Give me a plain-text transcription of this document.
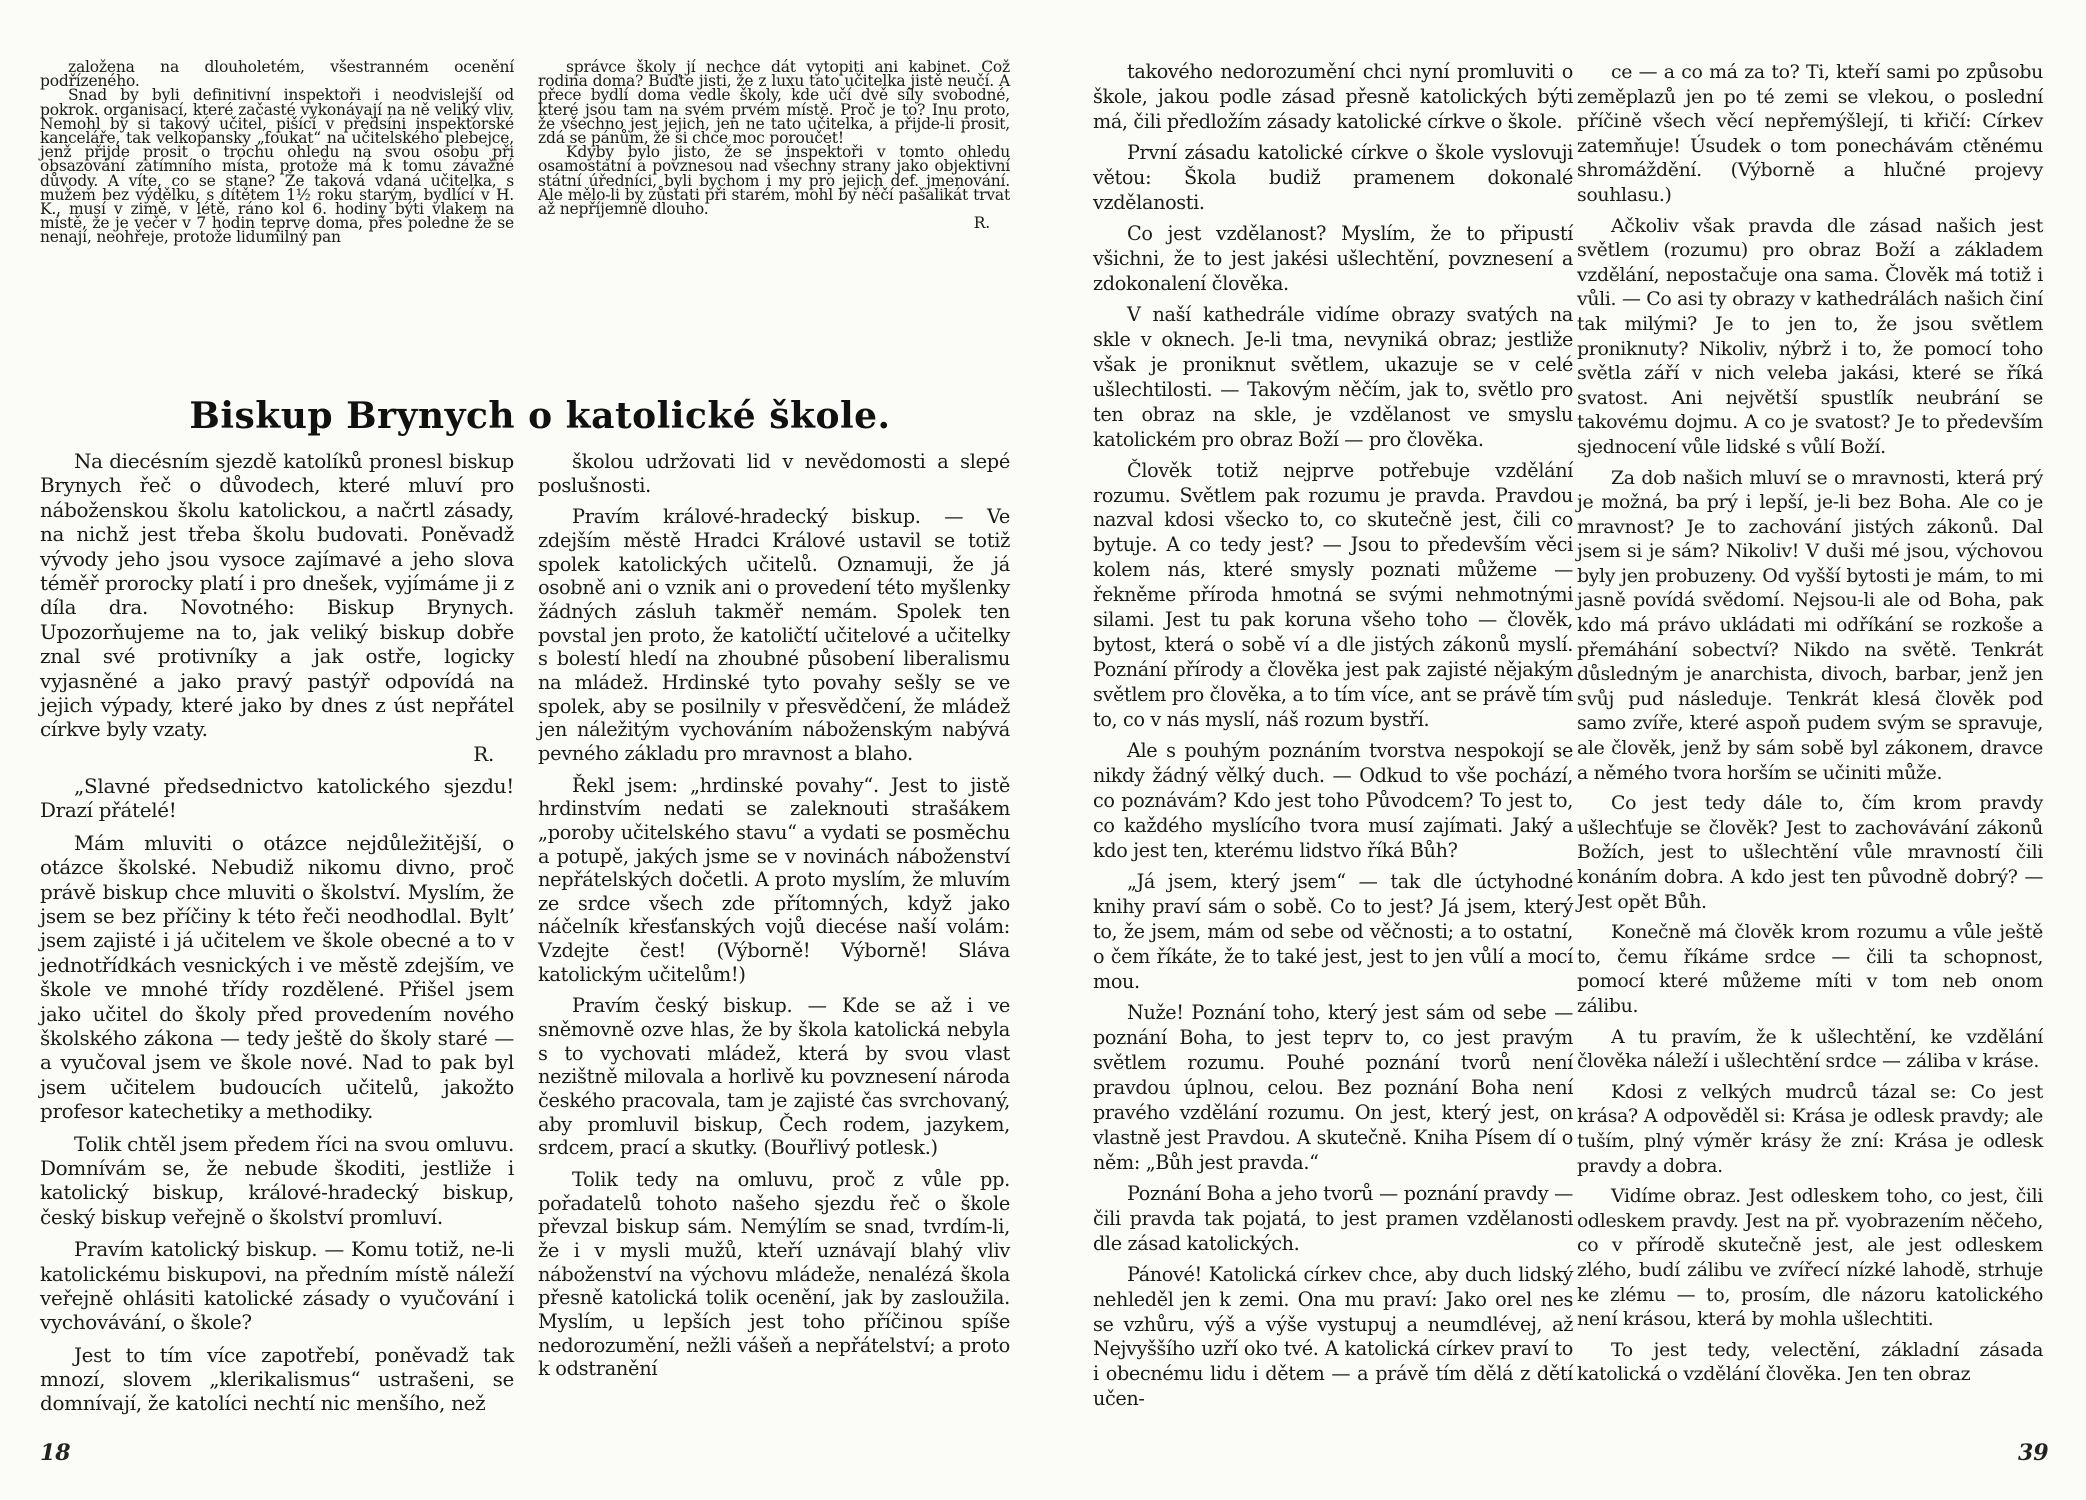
založena na dlouholetém, všestranném ocenění podřízeného.

Snad by byli definitivní inspektoři i neodvislejší od pokrok. organisací, které začasté vykonávají na ně veliký vliv. Nemohl by si takový učitel, pišící v předsíni inspektorské kanceláře, tak velkopansky „foukat“ na učitelského plebejce, jenž přijde prosit o trochu ohledu na svou osobu při obsazování zatímního místa, protože má k tomu závažné důvody. A víte, co se stane? Že taková vdaná učitelka, s mužem bez výdělku, s dítětem 1½ roku starým, bydlící v H. K., musí v zimě, v létě, ráno kol 6. hodiny býti vlakem na místě, že je večer v 7 hodin teprve doma, přes poledne že se nenají, neohřeje, protože lidumilný pan

správce školy jí nechce dát vytopiti ani kabinet. Což rodina doma? Buďte jisti, že z luxu tato učitelka jistě neučí. A přece bydlí doma vedle školy, kde učí dvě síly svobodné, které jsou tam na svém prvém místě. Proč je to? Inu proto, že všechno jest jejich, jen ne tato učitelka, a přijde-li prosit, zdá se pánům, že si chce moc poroučet!

Kdyby bylo jisto, že se inspektoři v tomto ohledu osamostatní a povznesou nad všechny strany jako objektivní státní úředníci, byli bychom i my pro jejich def. jmenování. Ale mělo-li by zůstati při starém, mohl by něčí pašalikát trvat až nepříjemně dlouho.

R.

Biskup Brynych o katolické škole.

Na diecésním sjezdě katolíků pronesl biskup Brynych řeč o důvodech, které mluví pro náboženskou školu katolickou, a načrtl zásady, na nichž jest třeba školu budovati. Poněvadž vývody jeho jsou vysoce zajímavé a jeho slova téměř prorocky platí i pro dnešek, vyjímáme ji z díla dra. Novotného: Biskup Brynych. Upozorňujeme na to, jak veliký biskup dobře znal své protivníky a jak ostře, logicky vyjasněné a jako pravý pastýř odpovídá na jejich výpady, které jako by dnes z úst nepřátel církve byly vzaty.

R.

„Slavné předsednictvo katolického sjezdu! Drazí přátelé!

Mám mluviti o otázce nejdůležitější, o otázce školské. Nebudiž nikomu divno, proč právě biskup chce mluviti o školství. Myslím, že jsem se bez příčiny k této řeči neodhodlal. Byltʼ jsem zajisté i já učitelem ve škole obecné a to v jednotřídkách vesnických i ve městě zdejším, ve škole ve mnohé třídy rozdělené. Přišel jsem jako učitel do školy před provedením nového školského zákona — tedy ještě do školy staré — a vyučoval jsem ve škole nové. Nad to pak byl jsem učitelem budoucích učitelů, jakožto profesor katechetiky a methodiky.

Tolik chtěl jsem předem říci na svou omluvu. Domnívám se, že nebude škoditi, jestliže i katolický biskup, králové-hradecký biskup, český biskup veřejně o školství promluví.

Pravím katolický biskup. — Komu totiž, ne-li katolickému biskupovi, na předním místě náleží veřejně ohlásiti katolické zásady o vyučování i vychovávání, o škole?

Jest to tím více zapotřebí, poněvadž tak mnozí, slovem „klerikalismus“ ustrašeni, se domnívají, že katolíci nechtí nic menšího, než

školou udržovati lid v nevědomosti a slepé poslušnosti.

Pravím králové-hradecký biskup. — Ve zdejším městě Hradci Králové ustavil se totiž spolek katolických učitelů. Oznamuji, že já osobně ani o vznik ani o provedení této myšlenky žádných zásluh takměř nemám. Spolek ten povstal jen proto, že katoličtí učitelové a učitelky s bolestí hledí na zhoubné působení liberalismu na mládež. Hrdinské tyto povahy sešly se ve spolek, aby se posilnily v přesvědčení, že mládež jen náležitým vychováním náboženským nabývá pevného základu pro mravnost a blaho.

Řekl jsem: „hrdinské povahy“. Jest to jistě hrdinstvím nedati se zaleknouti strašákem „poroby učitelského stavu“ a vydati se posměchu a potupě, jakých jsme se v novinách náboženství nepřátelských dočetli. A proto myslím, že mluvím ze srdce všech zde přítomných, když jako náčelník křesťanských vojů diecése naší volám: Vzdejte čest! (Výborně! Výborně! Sláva katolickým učitelům!)

Pravím český biskup. — Kde se až i ve sněmovně ozve hlas, že by škola katolická nebyla s to vychovati mládež, která by svou vlast nezištně milovala a horlivě ku povznesení národa českého pracovala, tam je zajisté čas svrchovaný, aby promluvil biskup, Čech rodem, jazykem, srdcem, prací a skutky. (Bouřlivý potlesk.)

Tolik tedy na omluvu, proč z vůle pp. pořadatelů tohoto našeho sjezdu řeč o škole převzal biskup sám. Nemýlím se snad, tvrdím-li, že i v mysli mužů, kteří uznávají blahý vliv náboženství na výchovu mládeže, nenalézá škola přesně katolická tolik ocenění, jak by zasloužila. Myslím, u lepších jest toho příčinou spíše nedorozumění, nežli vášeň a nepřátelství; a proto k odstranění

18

takového nedorozumění chci nyní promluviti o škole, jakou podle zásad přesně katolických býti má, čili předložím zásady katolické církve o škole.

První zásadu katolické církve o škole vyslovuji větou: Škola budiž pramenem dokonalé vzdělanosti.

Co jest vzdělanost? Myslím, že to připustí všichni, že to jest jakési ušlechtění, povznesení a zdokonalení člověka.

V naší kathedrále vidíme obrazy svatých na skle v oknech. Je-li tma, nevyniká obraz; jestliže však je proniknut světlem, ukazuje se v celé ušlechtilosti. — Takovým něčím, jak to, světlo pro ten obraz na skle, je vzdělanost ve smyslu katolickém pro obraz Boží — pro člověka.

Člověk totiž nejprve potřebuje vzdělání rozumu. Světlem pak rozumu je pravda. Pravdou nazval kdosi všecko to, co skutečně jest, čili co bytuje. A co tedy jest? — Jsou to především věci kolem nás, které smysly poznati můžeme — řekněme příroda hmotná se svými nehmotnými silami. Jest tu pak koruna všeho toho — člověk, bytost, která o sobě ví a dle jistých zákonů myslí. Poznání přírody a člověka jest pak zajisté nějakým světlem pro člověka, a to tím více, ant se právě tím to, co v nás myslí, náš rozum bystří.

Ale s pouhým poznáním tvorstva nespokojí se nikdy žádný vělký duch. — Odkud to vše pochází, co poznávám? Kdo jest toho Původcem? To jest to, co každého myslícího tvora musí zajímati. Jaký a kdo jest ten, kterému lidstvo říká Bůh?

„Já jsem, který jsem“ — tak dle úctyhodné knihy praví sám o sobě. Co to jest? Já jsem, který to, že jsem, mám od sebe od věčnosti; a to ostatní, o čem říkáte, že to také jest, jest to jen vůlí a mocí mou.

Nuže! Poznání toho, který jest sám od sebe — poznání Boha, to jest teprv to, co jest pravým světlem rozumu. Pouhé poznání tvorů není pravdou úplnou, celou. Bez poznání Boha není pravého vzdělání rozumu. On jest, který jest, on vlastně jest Pravdou. A skutečně. Kniha Písem dí o něm: „Bůh jest pravda.“

Poznání Boha a jeho tvorů — poznání pravdy — čili pravda tak pojatá, to jest pramen vzdělanosti dle zásad katolických.

Pánové! Katolická církev chce, aby duch lidský nehleděl jen k zemi. Ona mu praví: Jako orel nes se vzhůru, výš a výše vystupuj a neumdlévej, až Nejvyššího uzří oko tvé. A katolická církev praví to i obecnému lidu i dětem — a právě tím dělá z dětí učen-

ce — a co má za to? Ti, kteří sami po způsobu zeměplazů jen po té zemi se vlekou, o poslední příčině všech věcí nepřemýšlejí, ti křičí: Církev zatemňuje! Úsudek o tom ponechávám ctěnému shromáždění. (Výborně a hlučné projevy souhlasu.)

Ačkoliv však pravda dle zásad našich jest světlem (rozumu) pro obraz Boží a základem vzdělání, nepostačuje ona sama. Člověk má totiž i vůli. — Co asi ty obrazy v kathedrálách našich činí tak milými? Je to jen to, že jsou světlem proniknuty? Nikoliv, nýbrž i to, že pomocí toho světla září v nich veleba jakási, které se říká svatost. Ani největší spustlík neubrání se takovému dojmu. A co je svatost? Je to především sjednocení vůle lidské s vůlí Boží.

Za dob našich mluví se o mravnosti, která prý je možná, ba prý i lepší, je-li bez Boha. Ale co je mravnost? Je to zachování jistých zákonů. Dal jsem si je sám? Nikoliv! V duši mé jsou, výchovou byly jen probuzeny. Od vyšší bytosti je mám, to mi jasně povídá svědomí. Nejsou-li ale od Boha, pak kdo má právo ukládati mi odříkání se rozkoše a přemáhání sobectví? Nikdo na světě. Tenkrát důsledným je anarchista, divoch, barbar, jenž jen svůj pud následuje. Tenkrát klesá člověk pod samo zvíře, které aspoň pudem svým se spravuje, ale člověk, jenž by sám sobě byl zákonem, dravce a němého tvora horším se učiniti může.

Co jest tedy dále to, čím krom pravdy ušlechťuje se člověk? Jest to zachovávání zákonů Božích, jest to ušlechtění vůle mravností čili konáním dobra. A kdo jest ten původně dobrý? — Jest opět Bůh.

Konečně má člověk krom rozumu a vůle ještě to, čemu říkáme srdce — čili ta schopnost, pomocí které můžeme míti v tom neb onom zálibu.

A tu pravím, že k ušlechtění, ke vzdělání člověka náleží i ušlechtění srdce — záliba v kráse.

Kdosi z velkých mudrců tázal se: Co jest krása? A odpověděl si: Krása je odlesk pravdy; ale tuším, plný výměr krásy že zní: Krása je odlesk pravdy a dobra.

Vidíme obraz. Jest odleskem toho, co jest, čili odleskem pravdy. Jest na př. vyobrazením něčeho, co v přírodě skutečně jest, ale jest odleskem zlého, budí zálibu ve zvířecí nízké lahodě, strhuje ke zlému — to, prosím, dle názoru katolického není krásou, která by mohla ušlechtiti.

To jest tedy, velectění, základní zásada katolická o vzdělání člověka. Jen ten obraz

39
